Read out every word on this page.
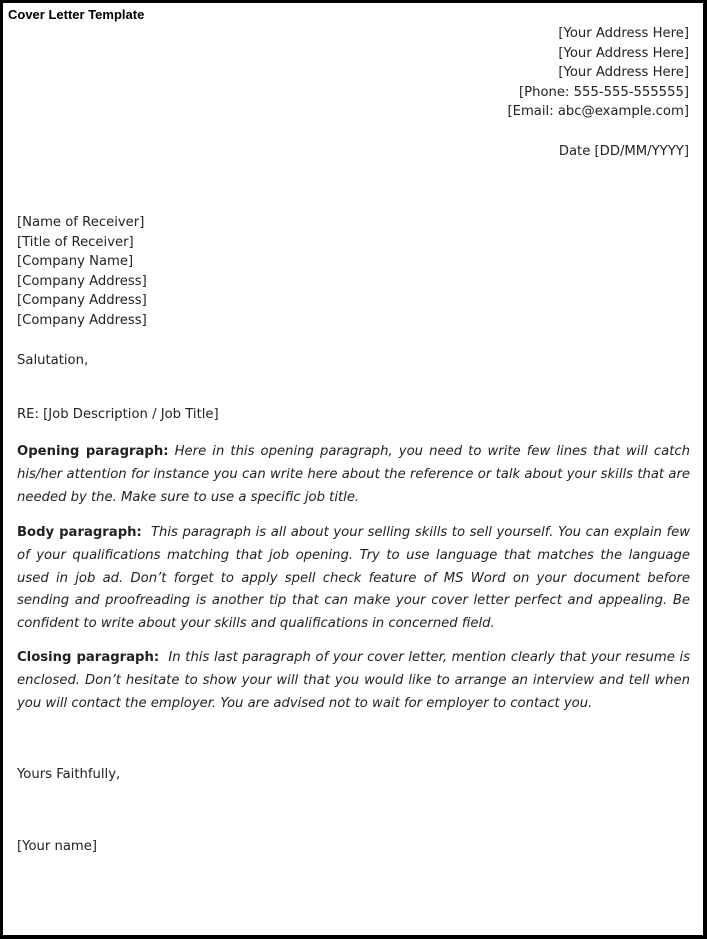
Cover Letter Template
[Your Address Here]
[Your Address Here]
[Your Address Here]
[Phone: 555-555-555555]
[Email: abc@example.com]
Date [DD/MM/YYYY]
[Name of Receiver]
[Title of Receiver]
[Company Name]
[Company Address]
[Company Address]
[Company Address]
Salutation,
RE: [Job Description / Job Title]
Opening paragraph: Here in this opening paragraph, you need to write few lines that will catch his/her attention for instance you can write here about the reference or talk about your skills that are needed by the. Make sure to use a specific job title.
Body paragraph: This paragraph is all about your selling skills to sell yourself. You can explain few of your qualifications matching that job opening. Try to use language that matches the language used in job ad. Don’t forget to apply spell check feature of MS Word on your document before sending and proofreading is another tip that can make your cover letter perfect and appealing. Be confident to write about your skills and qualifications in concerned field.
Closing paragraph: In this last paragraph of your cover letter, mention clearly that your resume is enclosed. Don’t hesitate to show your will that you would like to arrange an interview and tell when you will contact the employer. You are advised not to wait for employer to contact you.
Yours Faithfully,
[Your name]
